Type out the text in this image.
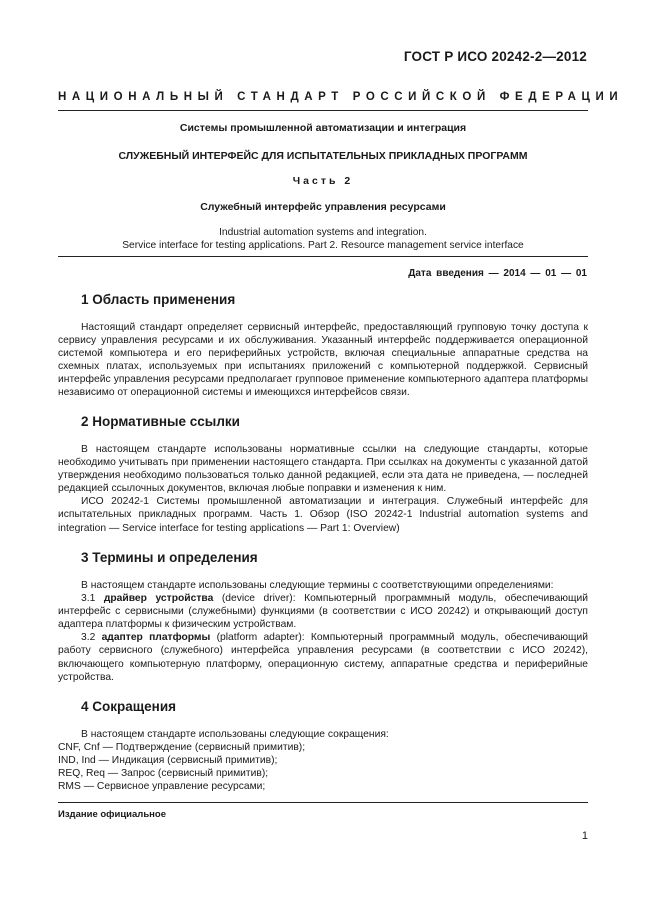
ГОСТ Р ИСО 20242-2—2012
НАЦИОНАЛЬНЫЙ СТАНДАРТ РОССИЙСКОЙ ФЕДЕРАЦИИ
Системы промышленной автоматизации и интеграция
СЛУЖЕБНЫЙ ИНТЕРФЕЙС ДЛЯ ИСПЫТАТЕЛЬНЫХ ПРИКЛАДНЫХ ПРОГРАММ
Часть 2
Служебный интерфейс управления ресурсами
Industrial automation systems and integration.
Service interface for testing applications. Part 2. Resource management service interface
Дата введения — 2014 — 01 — 01
1 Область применения

Настоящий стандарт определяет сервисный интерфейс, предоставляющий групповую точку доступа к сервису управления ресурсами и их обслуживания. Указанный интерфейс поддерживается операционной системой компьютера и его периферийных устройств, включая специальные аппаратные средства на схемных платах, используемых при испытаниях приложений с компьютерной поддержкой. Сервисный интерфейс управления ресурсами предполагает групповое применение компьютерного адаптера платформы независимо от операционной системы и имеющихся интерфейсов связи.

2 Нормативные ссылки

В настоящем стандарте использованы нормативные ссылки на следующие стандарты, которые необходимо учитывать при применении настоящего стандарта. При ссылках на документы с указанной датой утверждения необходимо пользоваться только данной редакцией, если эта дата не приведена, — последней редакцией ссылочных документов, включая любые поправки и изменения к ним.

ИСО 20242-1 Системы промышленной автоматизации и интеграция. Служебный интерфейс для испытательных прикладных программ. Часть 1. Обзор (ISO 20242-1 Industrial automation systems and integration — Service interface for testing applications — Part 1: Overview)

3 Термины и определения

В настоящем стандарте использованы следующие термины с соответствующими определениями:

3.1 драйвер устройства (device driver): Компьютерный программный модуль, обеспечивающий интерфейс с сервисными (служебными) функциями (в соответствии с ИСО 20242) и открывающий доступ адаптера платформы к физическим устройствам.

3.2 адаптер платформы (platform adapter): Компьютерный программный модуль, обеспечивающий работу сервисного (служебного) интерфейса управления ресурсами (в соответствии с ИСО 20242), включающего компьютерную платформу, операционную систему, аппаратные средства и периферийные устройства.

4 Сокращения

В настоящем стандарте использованы следующие сокращения:

CNF, Cnf — Подтверждение (сервисный примитив);

IND, Ind — Индикация (сервисный примитив);

REQ, Req — Запрос (сервисный примитив);

RMS — Сервисное управление ресурсами;

Издание официальное
1
